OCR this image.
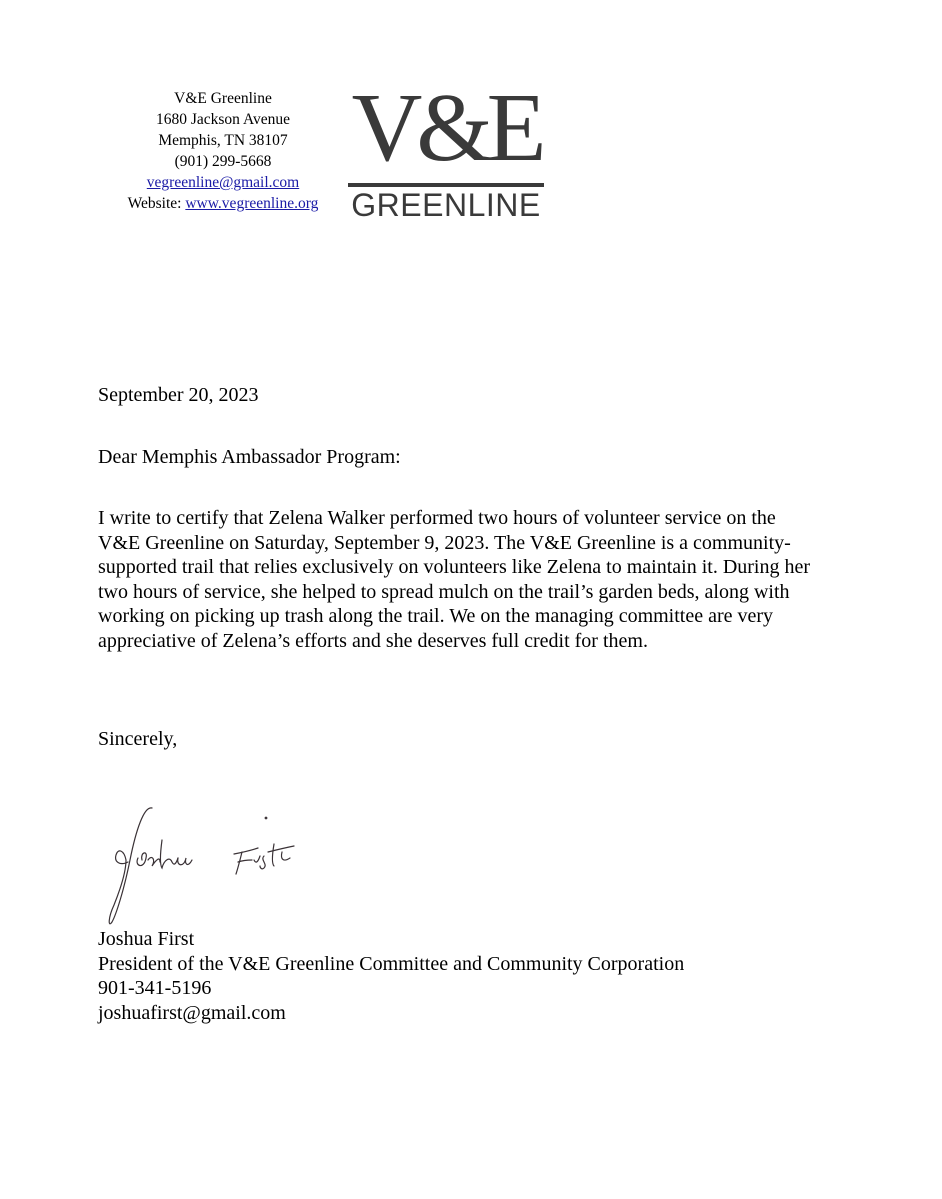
V&E Greenline
1680 Jackson Avenue
Memphis, TN 38107
(901) 299-5668
vegreenline@gmail.com
Website: www.vegreenline.org
V&E
GREENLINE
September 20, 2023
Dear Memphis Ambassador Program:
I write to certify that Zelena Walker performed two hours of volunteer service on the
V&E Greenline on Saturday, September 9, 2023. The V&E Greenline is a community-
supported trail that relies exclusively on volunteers like Zelena to maintain it. During her
two hours of service, she helped to spread mulch on the trail’s garden beds, along with
working on picking up trash along the trail. We on the managing committee are very
appreciative of Zelena’s efforts and she deserves full credit for them.
Sincerely,
Joshua First
President of the V&E Greenline Committee and Community Corporation
901-341-5196
joshuafirst@gmail.com
